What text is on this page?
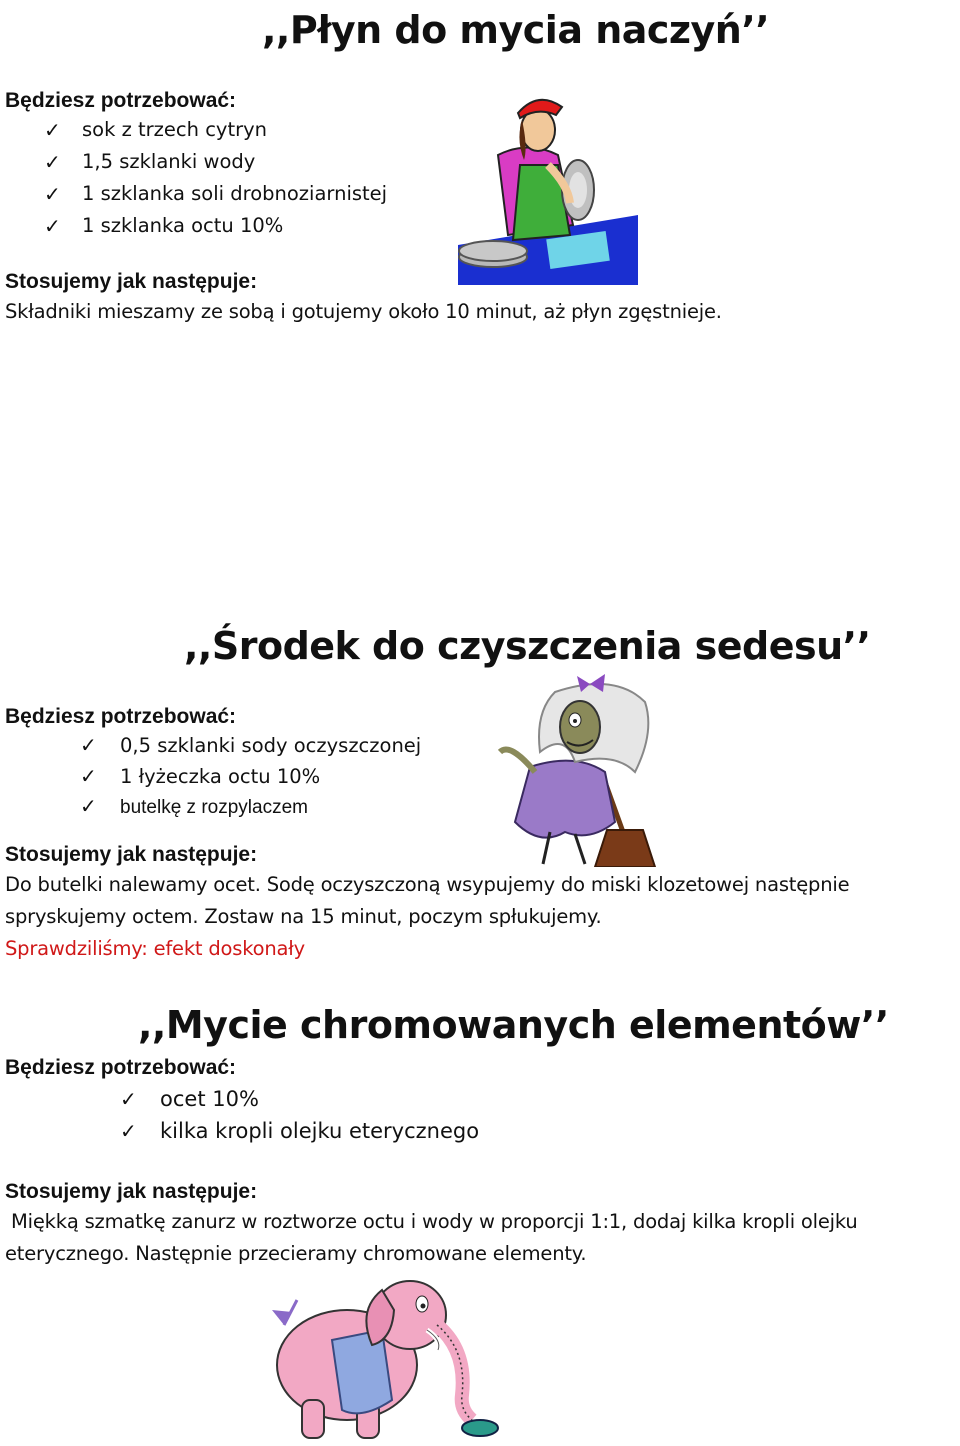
,,Płyn do mycia naczyń’’
Będziesz potrzebować:
✓ sok z trzech cytryn
✓ 1,5 szklanki wody
✓ 1 szklanka soli drobnoziarnistej
✓ 1 szklanka octu 10%
Stosujemy jak następuje:

Składniki mieszamy ze sobą i gotujemy około 10 minut, aż płyn zgęstnieje.

,,Środek do czyszczenia sedesu’’
Będziesz potrzebować:
✓ 0,5 szklanki sody oczyszczonej
✓ 1 łyżeczka octu 10%
✓ butelkę z rozpylaczem
Stosujemy jak następuje:

Do butelki nalewamy ocet. Sodę oczyszczoną wsypujemy do miski klozetowej następnie

spryskujemy octem. Zostaw na 15 minut, poczym spłukujemy.

Sprawdziliśmy: efekt doskonały

,,Mycie chromowanych elementów’’
Będziesz potrzebować:
✓ ocet 10%
✓ kilka kropli olejku eterycznego
Stosujemy jak następuje:

Miękką szmatkę zanurz w roztworze octu i wody w proporcji 1:1, dodaj kilka kropli olejku

eterycznego. Następnie przecieramy chromowane elementy.
